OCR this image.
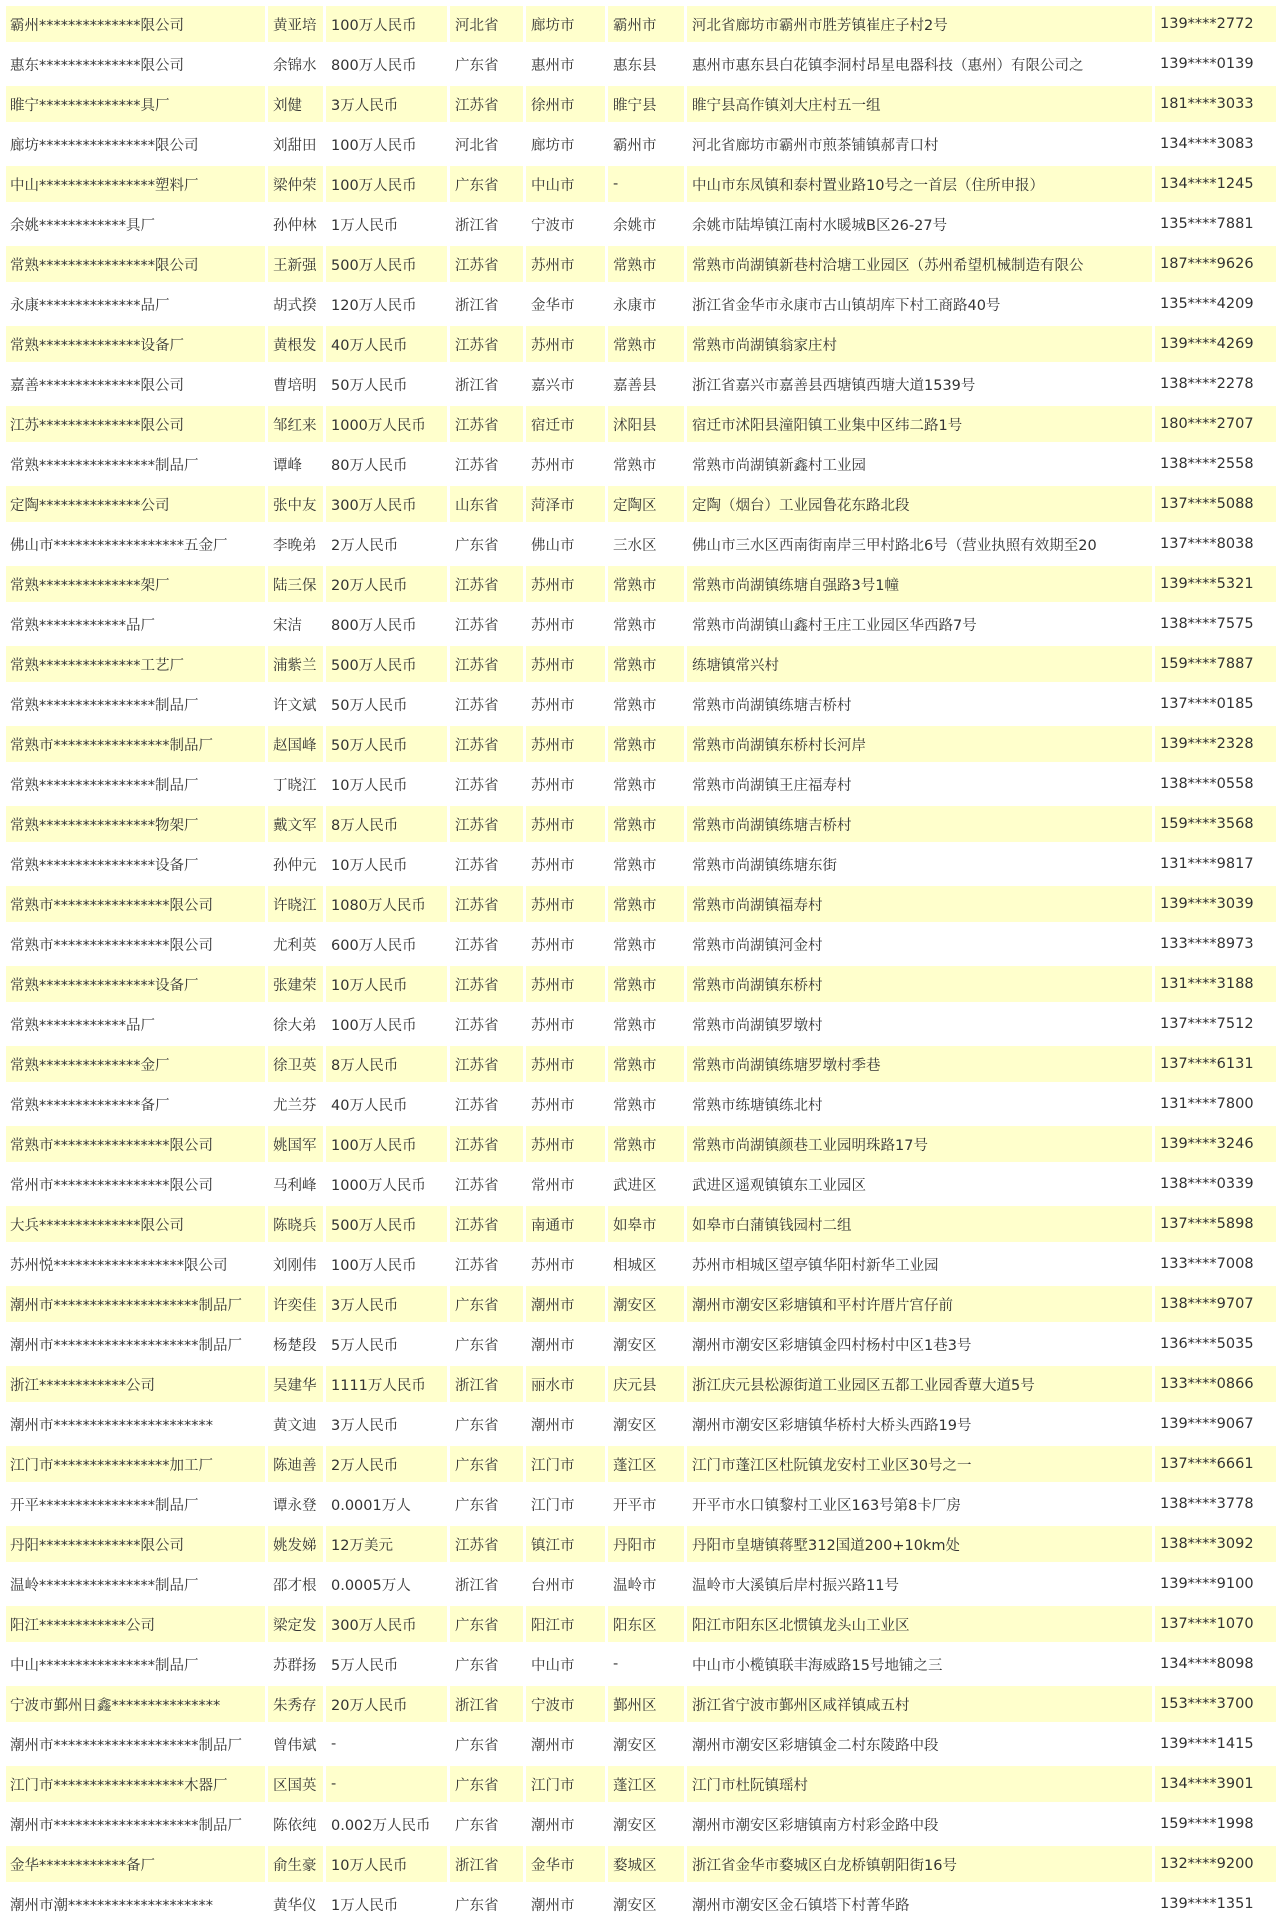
霸州**************限公司	黄亚培	100万人民币	河北省	廊坊市	霸州市	河北省廊坊市霸州市胜芳镇崔庄子村2号	139****2772
惠东**************限公司	余锦水	800万人民币	广东省	惠州市	惠东县	惠州市惠东县白花镇李洞村昂星电器科技（惠州）有限公司之	139****0139
睢宁**************具厂	刘健	3万人民币	江苏省	徐州市	睢宁县	睢宁县高作镇刘大庄村五一组	181****3033
廊坊****************限公司	刘甜田	100万人民币	河北省	廊坊市	霸州市	河北省廊坊市霸州市煎茶铺镇郝青口村	134****3083
中山****************塑料厂	梁仲荣	100万人民币	广东省	中山市	-	中山市东凤镇和泰村置业路10号之一首层（住所申报）	134****1245
余姚************具厂	孙仲林	1万人民币	浙江省	宁波市	余姚市	余姚市陆埠镇江南村水暖城B区26-27号	135****7881
常熟****************限公司	王新强	500万人民币	江苏省	苏州市	常熟市	常熟市尚湖镇新巷村洽塘工业园区（苏州希望机械制造有限公	187****9626
永康**************品厂	胡式揆	120万人民币	浙江省	金华市	永康市	浙江省金华市永康市古山镇胡库下村工商路40号	135****4209
常熟**************设备厂	黄根发	40万人民币	江苏省	苏州市	常熟市	常熟市尚湖镇翁家庄村	139****4269
嘉善**************限公司	曹培明	50万人民币	浙江省	嘉兴市	嘉善县	浙江省嘉兴市嘉善县西塘镇西塘大道1539号	138****2278
江苏**************限公司	邹红来	1000万人民币	江苏省	宿迁市	沭阳县	宿迁市沭阳县潼阳镇工业集中区纬二路1号	180****2707
常熟****************制品厂	谭峰	80万人民币	江苏省	苏州市	常熟市	常熟市尚湖镇新鑫村工业园	138****2558
定陶**************公司	张中友	300万人民币	山东省	菏泽市	定陶区	定陶（烟台）工业园鲁花东路北段	137****5088
佛山市******************五金厂	李晚弟	2万人民币	广东省	佛山市	三水区	佛山市三水区西南街南岸三甲村路北6号（营业执照有效期至20	137****8038
常熟**************架厂	陆三保	20万人民币	江苏省	苏州市	常熟市	常熟市尚湖镇练塘自强路3号1幢	139****5321
常熟************品厂	宋洁	800万人民币	江苏省	苏州市	常熟市	常熟市尚湖镇山鑫村王庄工业园区华西路7号	138****7575
常熟**************工艺厂	浦紫兰	500万人民币	江苏省	苏州市	常熟市	练塘镇常兴村	159****7887
常熟****************制品厂	许文斌	50万人民币	江苏省	苏州市	常熟市	常熟市尚湖镇练塘吉桥村	137****0185
常熟市****************制品厂	赵国峰	50万人民币	江苏省	苏州市	常熟市	常熟市尚湖镇东桥村长河岸	139****2328
常熟****************制品厂	丁晓江	10万人民币	江苏省	苏州市	常熟市	常熟市尚湖镇王庄福寿村	138****0558
常熟****************物架厂	戴文军	8万人民币	江苏省	苏州市	常熟市	常熟市尚湖镇练塘吉桥村	159****3568
常熟****************设备厂	孙仲元	10万人民币	江苏省	苏州市	常熟市	常熟市尚湖镇练塘东街	131****9817
常熟市****************限公司	许晓江	1080万人民币	江苏省	苏州市	常熟市	常熟市尚湖镇福寿村	139****3039
常熟市****************限公司	尤利英	600万人民币	江苏省	苏州市	常熟市	常熟市尚湖镇河金村	133****8973
常熟****************设备厂	张建荣	10万人民币	江苏省	苏州市	常熟市	常熟市尚湖镇东桥村	131****3188
常熟************品厂	徐大弟	100万人民币	江苏省	苏州市	常熟市	常熟市尚湖镇罗墩村	137****7512
常熟**************金厂	徐卫英	8万人民币	江苏省	苏州市	常熟市	常熟市尚湖镇练塘罗墩村季巷	137****6131
常熟**************备厂	尤兰芬	40万人民币	江苏省	苏州市	常熟市	常熟市练塘镇练北村	131****7800
常熟市****************限公司	姚国军	100万人民币	江苏省	苏州市	常熟市	常熟市尚湖镇颜巷工业园明珠路17号	139****3246
常州市****************限公司	马利峰	1000万人民币	江苏省	常州市	武进区	武进区遥观镇镇东工业园区	138****0339
大兵**************限公司	陈晓兵	500万人民币	江苏省	南通市	如皋市	如皋市白蒲镇钱园村二组	137****5898
苏州悦******************限公司	刘刚伟	100万人民币	江苏省	苏州市	相城区	苏州市相城区望亭镇华阳村新华工业园	133****7008
潮州市********************制品厂	许奕佳	3万人民币	广东省	潮州市	潮安区	潮州市潮安区彩塘镇和平村许厝片宫仔前	138****9707
潮州市********************制品厂	杨楚段	5万人民币	广东省	潮州市	潮安区	潮州市潮安区彩塘镇金四村杨村中区1巷3号	136****5035
浙江************公司	吴建华	1111万人民币	浙江省	丽水市	庆元县	浙江庆元县松源街道工业园区五都工业园香蕈大道5号	133****0866
潮州市**********************	黄文迪	3万人民币	广东省	潮州市	潮安区	潮州市潮安区彩塘镇华桥村大桥头西路19号	139****9067
江门市****************加工厂	陈迪善	2万人民币	广东省	江门市	蓬江区	江门市蓬江区杜阮镇龙安村工业区30号之一	137****6661
开平****************制品厂	谭永登	0.0001万人	广东省	江门市	开平市	开平市水口镇黎村工业区163号第8卡厂房	138****3778
丹阳**************限公司	姚发娣	12万美元	江苏省	镇江市	丹阳市	丹阳市皇塘镇蒋墅312国道200+10km处	138****3092
温岭****************制品厂	邵才根	0.0005万人	浙江省	台州市	温岭市	温岭市大溪镇后岸村振兴路11号	139****9100
阳江************公司	梁定发	300万人民币	广东省	阳江市	阳东区	阳江市阳东区北惯镇龙头山工业区	137****1070
中山****************制品厂	苏群扬	5万人民币	广东省	中山市	-	中山市小榄镇联丰海威路15号地铺之三	134****8098
宁波市鄞州日鑫***************	朱秀存	20万人民币	浙江省	宁波市	鄞州区	浙江省宁波市鄞州区咸祥镇咸五村	153****3700
潮州市********************制品厂	曾伟斌	-	广东省	潮州市	潮安区	潮州市潮安区彩塘镇金二村东陵路中段	139****1415
江门市******************木器厂	区国英	-	广东省	江门市	蓬江区	江门市杜阮镇瑶村	134****3901
潮州市********************制品厂	陈依纯	0.002万人民币	广东省	潮州市	潮安区	潮州市潮安区彩塘镇南方村彩金路中段	159****1998
金华************备厂	俞生豪	10万人民币	浙江省	金华市	婺城区	浙江省金华市婺城区白龙桥镇朝阳街16号	132****9200
潮州市潮********************	黄华仪	1万人民币	广东省	潮州市	潮安区	潮州市潮安区金石镇塔下村菁华路	139****1351
